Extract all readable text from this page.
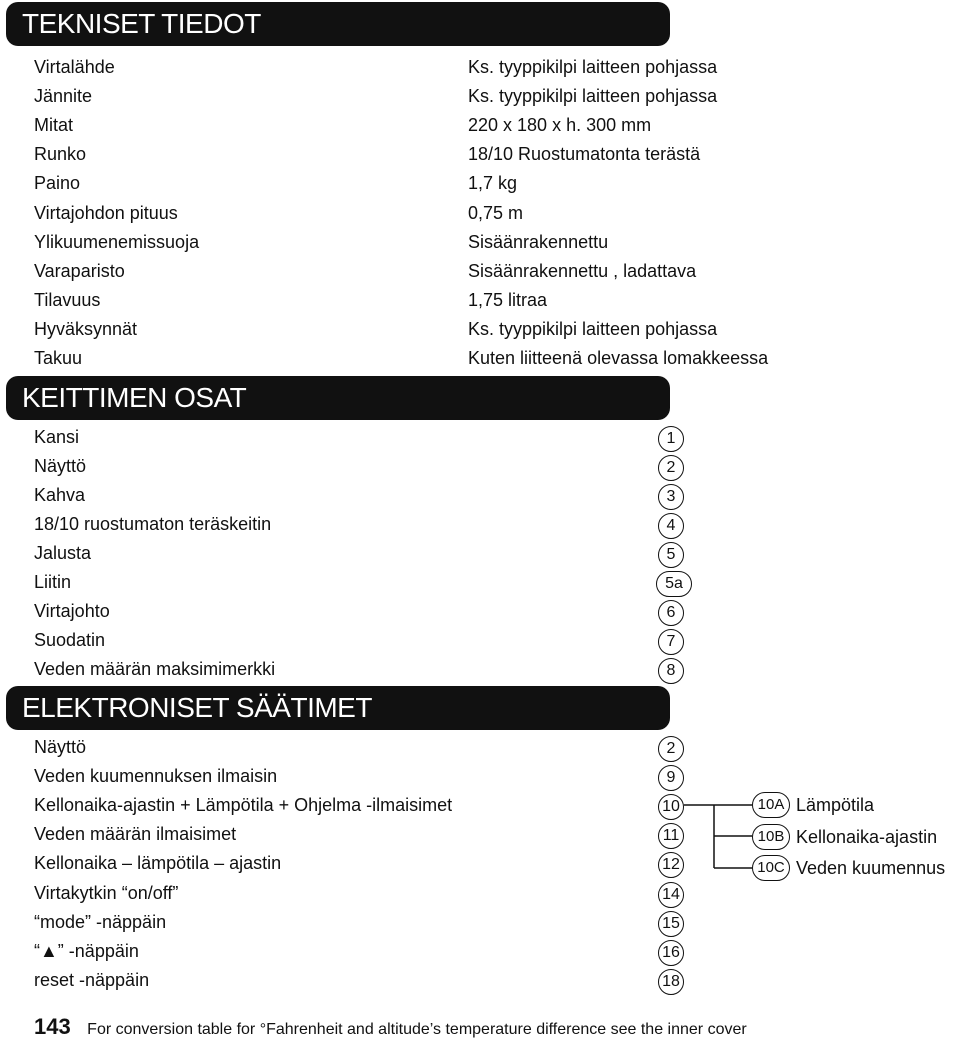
TEKNISET TIEDOT
Virtalähde	Ks. tyyppikilpi laitteen pohjassa
Jännite	Ks. tyyppikilpi laitteen pohjassa
Mitat	220 x 180 x h. 300 mm
Runko	18/10 Ruostumatonta terästä
Paino	1,7 kg
Virtajohdon pituus	0,75 m
Ylikuumenemissuoja	Sisäänrakennettu
Varaparisto	Sisäänrakennettu , ladattava
Tilavuus	1,75 litraa
Hyväksynnät	Ks. tyyppikilpi laitteen pohjassa
Takuu	Kuten liitteenä olevassa lomakkeessa
KEITTIMEN OSAT
Kansi	1
Näyttö	2
Kahva	3
18/10 ruostumaton teräskeitin	4
Jalusta	5
Liitin	5a
Virtajohto	6
Suodatin	7
Veden määrän maksimimerkki	8
ELEKTRONISET SÄÄTIMET
Näyttö	2
Veden kuumennuksen ilmaisin	9
Kellonaika-ajastin + Lämpötila + Ohjelma -ilmaisimet	10
Veden määrän ilmaisimet	11
Kellonaika – lämpötila – ajastin	12
Virtakytkin “on/off”	14
“mode” -näppäin	15
“▲” -näppäin	16
reset -näppäin	18
10A Lämpötila
10B Kellonaika-ajastin
10C Veden kuumennus
143 For conversion table for °Fahrenheit and altitude’s temperature difference see the inner cover
